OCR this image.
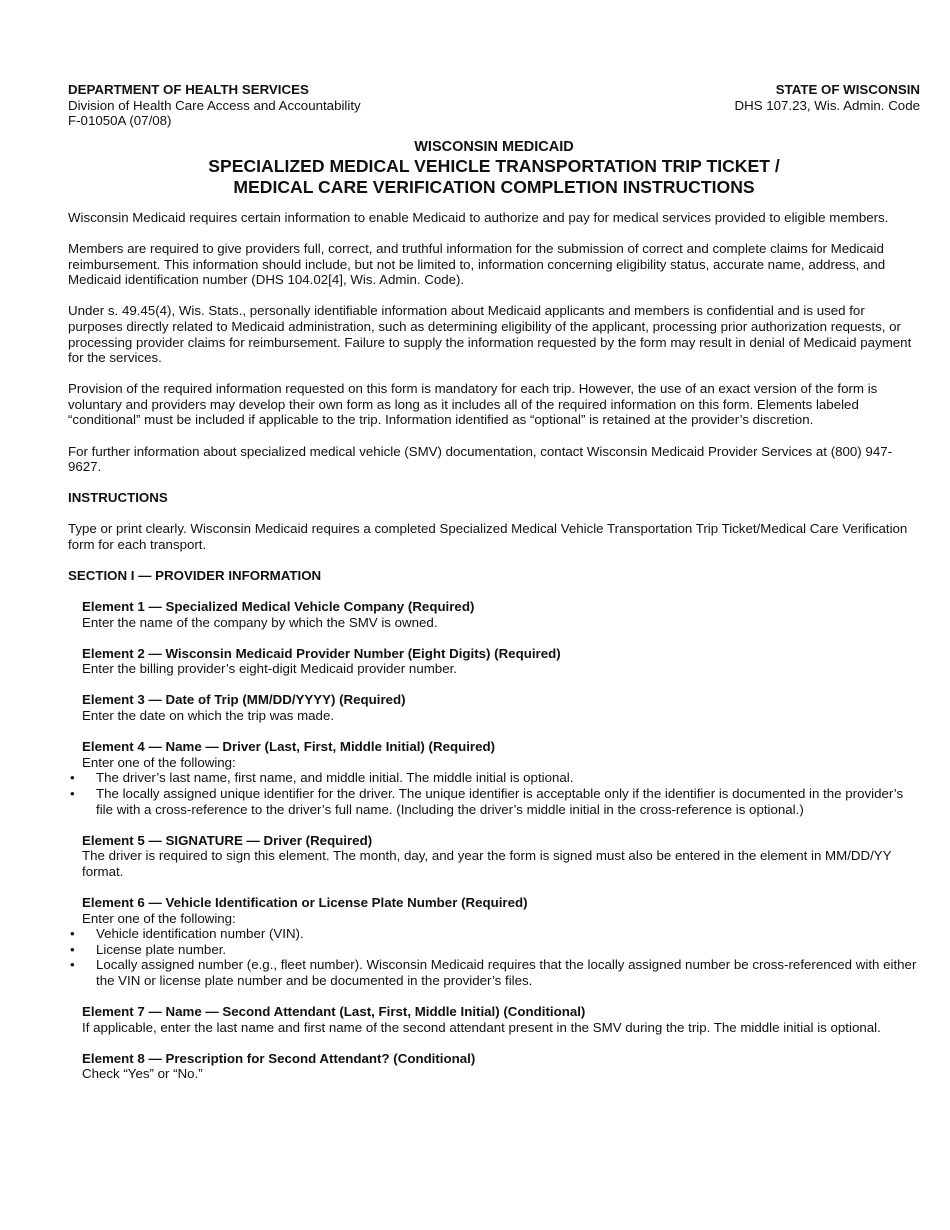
DEPARTMENT OF HEALTH SERVICES
Division of Health Care Access and Accountability
F-01050A (07/08)
STATE OF WISCONSIN
DHS 107.23, Wis. Admin. Code
WISCONSIN MEDICAID
SPECIALIZED MEDICAL VEHICLE TRANSPORTATION TRIP TICKET /
MEDICAL CARE VERIFICATION COMPLETION INSTRUCTIONS

Wisconsin Medicaid requires certain information to enable Medicaid to authorize and pay for medical services provided to eligible members.

Members are required to give providers full, correct, and truthful information for the submission of correct and complete claims for Medicaid reimbursement. This information should include, but not be limited to, information concerning eligibility status, accurate name, address, and Medicaid identification number (DHS 104.02[4], Wis. Admin. Code).

Under s. 49.45(4), Wis. Stats., personally identifiable information about Medicaid applicants and members is confidential and is used for purposes directly related to Medicaid administration, such as determining eligibility of the applicant, processing prior authorization requests, or processing provider claims for reimbursement. Failure to supply the information requested by the form may result in denial of Medicaid payment for the services.

Provision of the required information requested on this form is mandatory for each trip. However, the use of an exact version of the form is voluntary and providers may develop their own form as long as it includes all of the required information on this form. Elements labeled “conditional” must be included if applicable to the trip. Information identified as “optional” is retained at the provider’s discretion.

For further information about specialized medical vehicle (SMV) documentation, contact Wisconsin Medicaid Provider Services at (800) 947-9627.

INSTRUCTIONS

Type or print clearly. Wisconsin Medicaid requires a completed Specialized Medical Vehicle Transportation Trip Ticket/Medical Care Verification form for each transport.

SECTION I — PROVIDER INFORMATION
Element 1 — Specialized Medical Vehicle Company (Required)
Enter the name of the company by which the SMV is owned.
Element 2 — Wisconsin Medicaid Provider Number (Eight Digits) (Required)
Enter the billing provider’s eight-digit Medicaid provider number.
Element 3 — Date of Trip (MM/DD/YYYY) (Required)
Enter the date on which the trip was made.
Element 4 — Name — Driver (Last, First, Middle Initial) (Required)
Enter one of the following:
• The driver’s last name, first name, and middle initial. The middle initial is optional.
• The locally assigned unique identifier for the driver. The unique identifier is acceptable only if the identifier is documented in the provider’s file with a cross-reference to the driver’s full name. (Including the driver’s middle initial in the cross-reference is optional.)
Element 5 — SIGNATURE — Driver (Required)
The driver is required to sign this element. The month, day, and year the form is signed must also be entered in the element in MM/DD/YY format.
Element 6 — Vehicle Identification or License Plate Number (Required)
Enter one of the following:
• Vehicle identification number (VIN).
• License plate number.
• Locally assigned number (e.g., fleet number). Wisconsin Medicaid requires that the locally assigned number be cross-referenced with either the VIN or license plate number and be documented in the provider’s files.
Element 7 — Name — Second Attendant (Last, First, Middle Initial) (Conditional)
If applicable, enter the last name and first name of the second attendant present in the SMV during the trip. The middle initial is optional.
Element 8 — Prescription for Second Attendant? (Conditional)
Check “Yes” or “No.”
